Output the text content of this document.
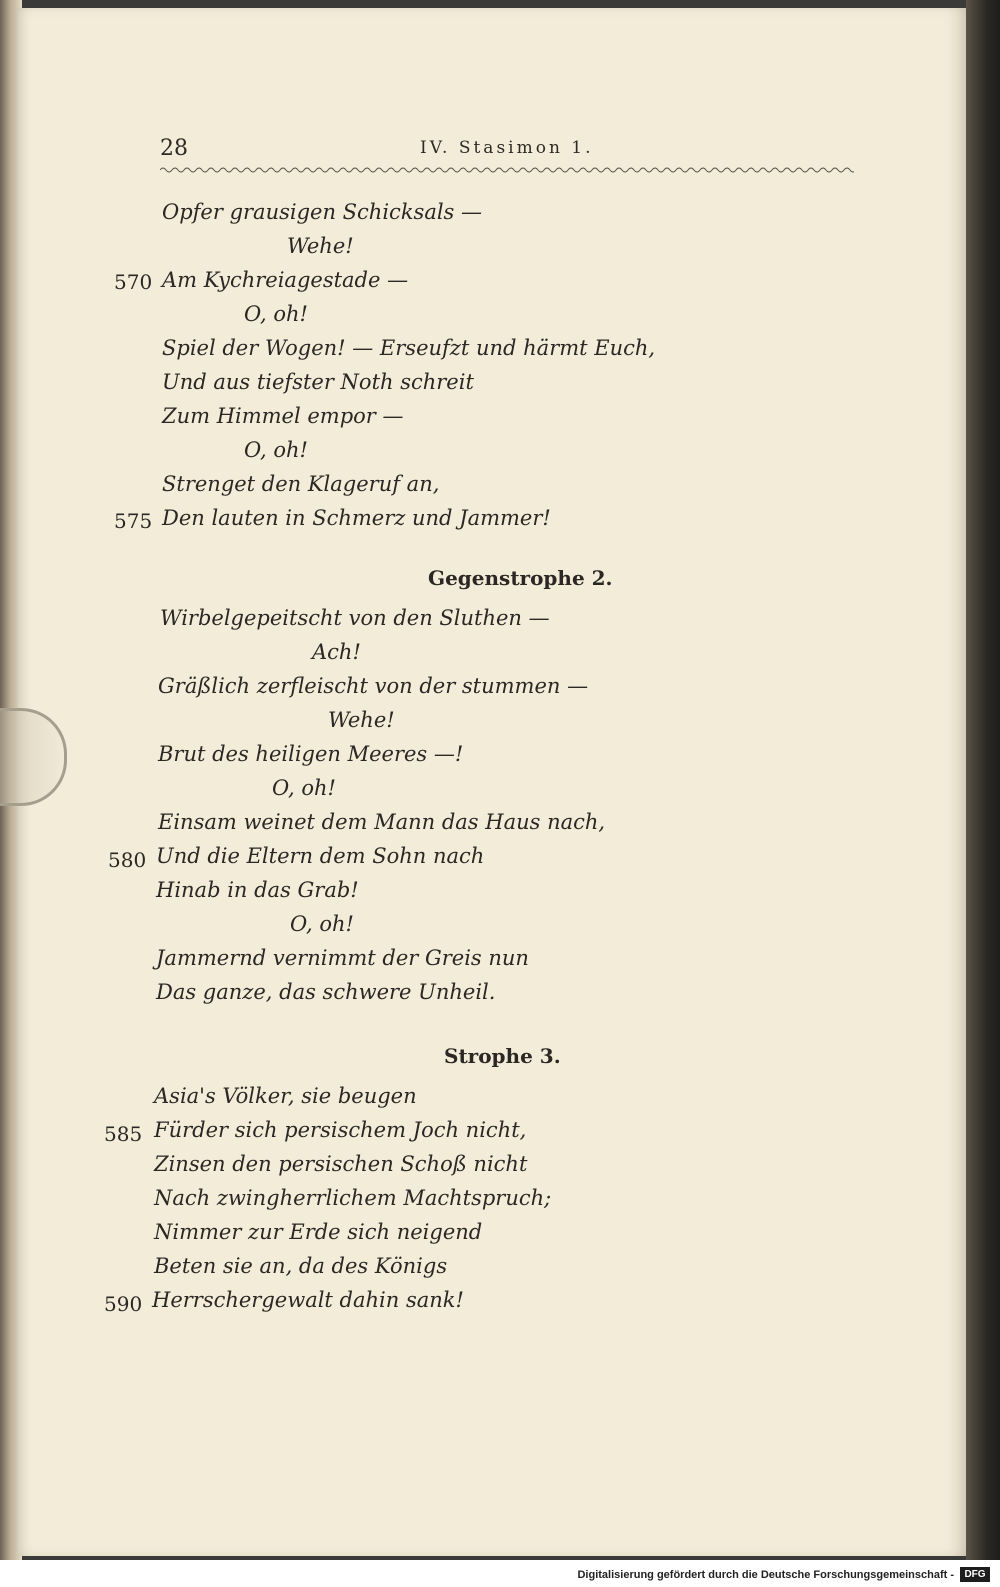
28	IV. Stasimon 1.
Opfer grausigen Schicksals —
Wehe!
570 Am Kychreiagestade —
O, oh!
Spiel der Wogen! — Erseufzt und härmt Euch,
Und aus tiefster Noth schreit
Zum Himmel empor —
O, oh!
Strenget den Klageruf an,
575 Den lauten in Schmerz und Jammer!
Gegenstrophe 2.
Wirbelgepeitscht von den Sluthen —
Ach!
Gräßlich zerfleischt von der stummen —
Wehe!
Brut des heiligen Meeres —!
O, oh!
Einsam weinet dem Mann das Haus nach,
580 Und die Eltern dem Sohn nach
Hinab in das Grab!
O, oh!
Jammernd vernimmt der Greis nun
Das ganze, das schwere Unheil.
Strophe 3.
Asia's Völker, sie beugen
585 Fürder sich persischem Joch nicht,
Zinsen den persischen Schoß nicht
Nach zwingherrlichem Machtspruch;
Nimmer zur Erde sich neigend
Beten sie an, da des Königs
590 Herrschergewalt dahin sank!
Digitalisierung gefördert durch die Deutsche Forschungsgemeinschaft -	DFG
